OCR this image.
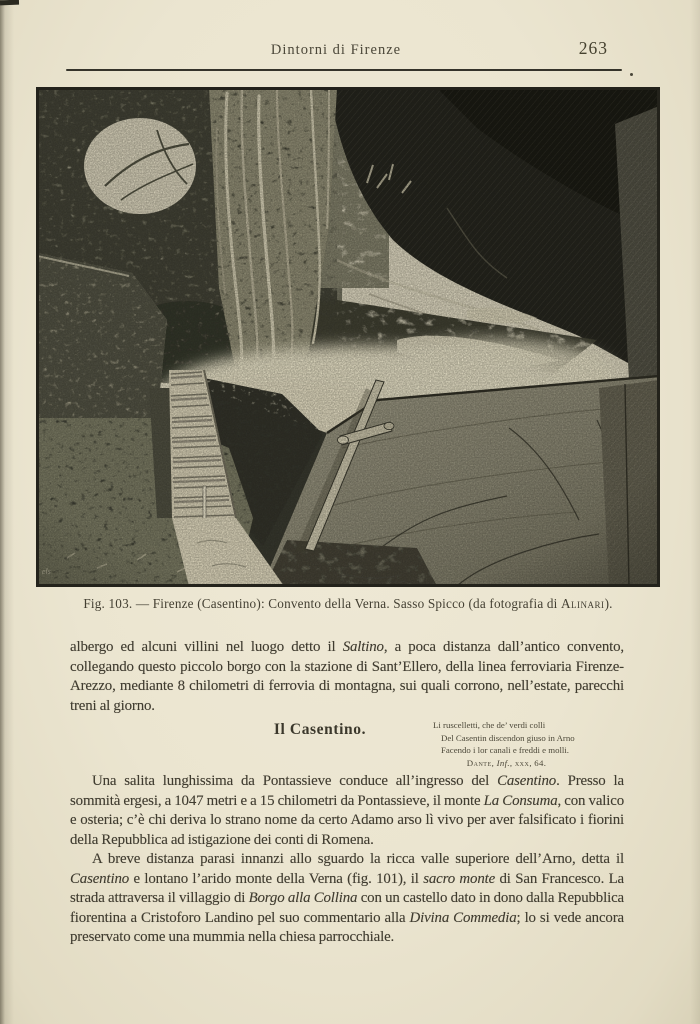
Dintorni di Firenze	263
Fig. 103. — Firenze (Casentino): Convento della Verna. Sasso Spicco (da fotografia di Alinari).

albergo ed alcuni villini nel luogo detto il Saltino, a poca distanza dall’antico convento, collegando questo piccolo borgo con la stazione di Sant’Ellero, della linea ferroviaria Firenze-Arezzo, mediante 8 chilometri di ferrovia di montagna, sui quali corrono, nell’estate, parecchi treni al giorno.

Il Casentino.	Li ruscelletti, che de’ verdi colli
Del Casentin discendon giuso in Arno
Facendo i lor canali e freddi e molli.
Dante, Inf., xxx, 64.

Una salita lunghissima da Pontassieve conduce all’ingresso del Casentino. Presso la sommità ergesi, a 1047 metri e a 15 chilometri da Pontassieve, il monte La Consuma, con valico e osteria; c’è chi deriva lo strano nome da certo Adamo arso lì vivo per aver falsificato i fiorini della Repubblica ad istigazione dei conti di Romena.

A breve distanza parasi innanzi allo sguardo la ricca valle superiore dell’Arno, detta il Casentino e lontano l’arido monte della Verna (fig. 101), il sacro monte di San Francesco. La strada attraversa il villaggio di Borgo alla Collina con un castello dato in dono dalla Repubblica fiorentina a Cristoforo Landino pel suo commentario alla Divina Commedia; lo si vede ancora preservato come una mummia nella chiesa parrocchiale.
